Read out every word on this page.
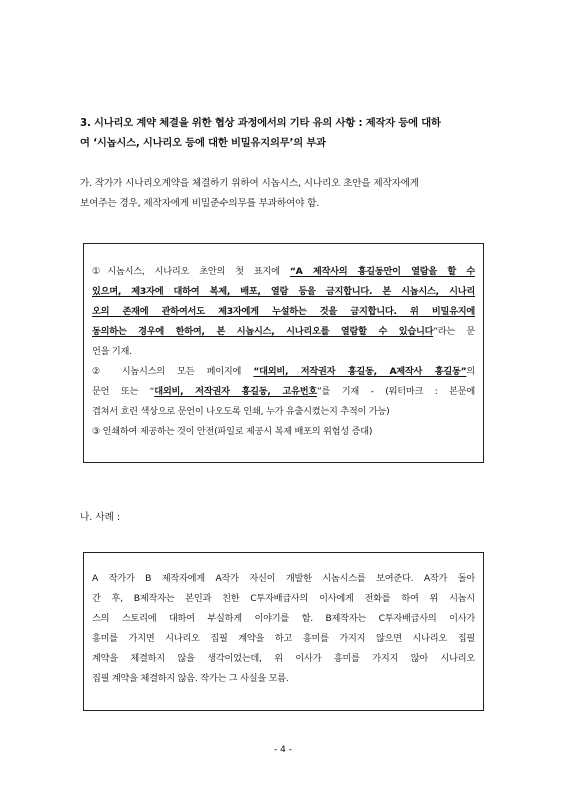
3. 시나리오 계약 체결을 위한 협상 과정에서의 기타 유의 사항 : 제작자 등에 대하
여 ‘시놉시스, 시나리오 등에 대한 비밀유지의무’의 부과
가. 작가가 시나리오계약을 체결하기 위하여 시놉시스, 시나리오 초안을 제작자에게
보여주는 경우, 제작자에게 비밀준수의무를 부과하여야 함.

①시놉시스, 시나리오 초안의 첫 표지에 “A 제작사의 홍길동만이 열람을 할 수

있으며, 제3자에 대하여 복제, 배포, 열람 등을 금지합니다. 본 시놉시스, 시나리

오의 존재에 관하여서도 제3자에게 누설하는 것을 금지합니다. 위 비밀유지에

동의하는 경우에 한하여, 본 시놉시스, 시나리오를 열람할 수 있습니다”라는 문

언을 기재.

② 시놉시스의 모든 페이지에 “대외비, 저작권자 홍길동, A제작사 홍길동”의

문언 또는 “대외비, 저작권자 홍길동, 고유번호”를 기재 - (워터마크 : 본문에

겹쳐서 흐린 색상으로 문언이 나오도록 인쇄, 누가 유출시켰는지 추적이 가능)

③ 인쇄하여 제공하는 것이 안전(파일로 제공시 복제 배포의 위험성 증대)

나. 사례 :

A 작가가 B 제작자에게 A작가 자신이 개발한 시놉시스를 보여준다. A작가 돌아

간 후, B제작자는 본인과 친한 C투자배급사의 이사에게 전화를 하여 위 시놉시

스의 스토리에 대하여 부실하게 이야기를 함. B제작자는 C투자배급사의 이사가

흥미를 가지면 시나리오 집필 계약을 하고 흥미를 가지지 않으면 시나리오 집필

계약을 체결하지 않을 생각이었는데, 위 이사가 흥미를 가지지 않아 시나리오

집필 계약을 체결하지 않음. 작가는 그 사실을 모름.

- 4 -
